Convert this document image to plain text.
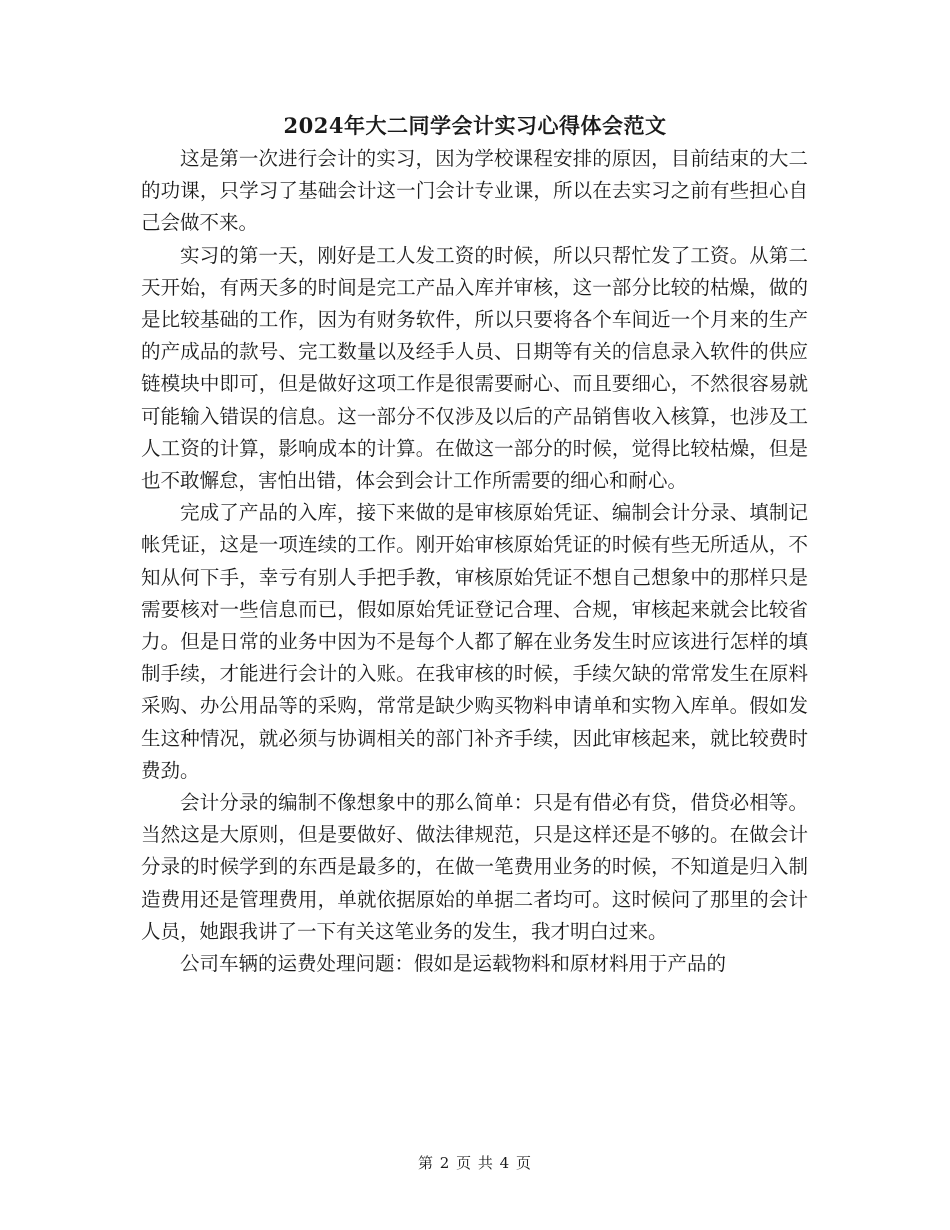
2024年大二同学会计实习心得体会范文

这是第一次进行会计的实习，因为学校课程安排的原因，目前结束的大二的功课，只学习了基础会计这一门会计专业课，所以在去实习之前有些担心自己会做不来。

实习的第一天，刚好是工人发工资的时候，所以只帮忙发了工资。从第二天开始，有两天多的时间是完工产品入库并审核，这一部分比较的枯燥，做的是比较基础的工作，因为有财务软件，所以只要将各个车间近一个月来的生产的产成品的款号、完工数量以及经手人员、日期等有关的信息录入软件的供应链模块中即可，但是做好这项工作是很需要耐心、而且要细心，不然很容易就可能输入错误的信息。这一部分不仅涉及以后的产品销售收入核算，也涉及工人工资的计算，影响成本的计算。在做这一部分的时候，觉得比较枯燥，但是也不敢懈怠，害怕出错，体会到会计工作所需要的细心和耐心。

完成了产品的入库，接下来做的是审核原始凭证、编制会计分录、填制记帐凭证，这是一项连续的工作。刚开始审核原始凭证的时候有些无所适从，不知从何下手，幸亏有别人手把手教，审核原始凭证不想自己想象中的那样只是需要核对一些信息而已，假如原始凭证登记合理、合规，审核起来就会比较省力。但是日常的业务中因为不是每个人都了解在业务发生时应该进行怎样的填制手续，才能进行会计的入账。在我审核的时候，手续欠缺的常常发生在原料采购、办公用品等的采购，常常是缺少购买物料申请单和实物入库单。假如发生这种情况，就必须与协调相关的部门补齐手续，因此审核起来，就比较费时费劲。

会计分录的编制不像想象中的那么简单：只是有借必有贷，借贷必相等。当然这是大原则，但是要做好、做法律规范，只是这样还是不够的。在做会计分录的时候学到的东西是最多的，在做一笔费用业务的时候，不知道是归入制造费用还是管理费用，单就依据原始的单据二者均可。这时候问了那里的会计人员，她跟我讲了一下有关这笔业务的发生，我才明白过来。

公司车辆的运费处理问题：假如是运载物料和原材料用于产品的

第 2 页 共 4 页
